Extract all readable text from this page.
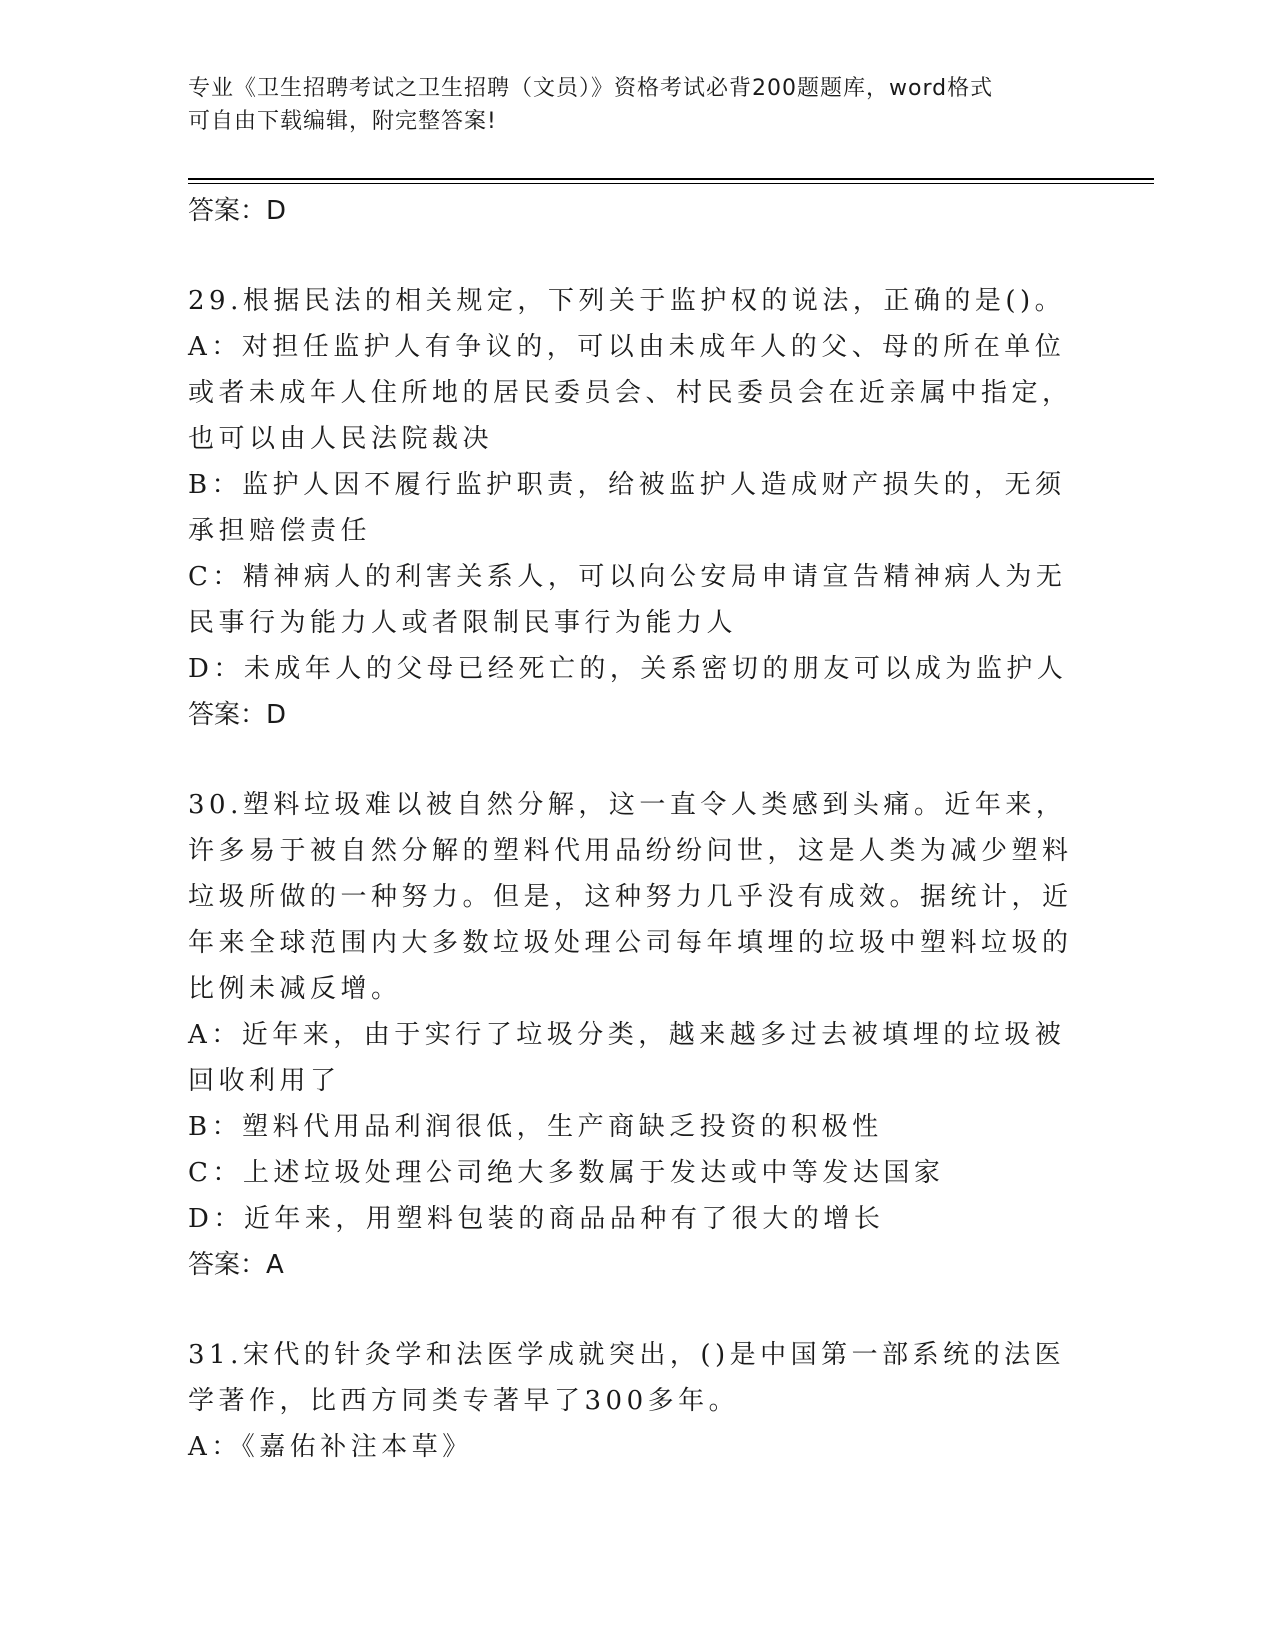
专业《卫生招聘考试之卫生招聘（文员）》资格考试必背200题题库，word格式
可自由下载编辑，附完整答案!
答案：D
29.根据民法的相关规定，下列关于监护权的说法，正确的是()。
A：对担任监护人有争议的，可以由未成年人的父、母的所在单位或者未成年人住所地的居民委员会、村民委员会在近亲属中指定，也可以由人民法院裁决
B：监护人因不履行监护职责，给被监护人造成财产损失的，无须承担赔偿责任
C：精神病人的利害关系人，可以向公安局申请宣告精神病人为无民事行为能力人或者限制民事行为能力人
D：未成年人的父母已经死亡的，关系密切的朋友可以成为监护人
答案：D
30.塑料垃圾难以被自然分解，这一直令人类感到头痛。近年来，许多易于被自然分解的塑料代用品纷纷问世，这是人类为减少塑料垃圾所做的一种努力。但是，这种努力几乎没有成效。据统计，近年来全球范围内大多数垃圾处理公司每年填埋的垃圾中塑料垃圾的比例未减反增。
A：近年来，由于实行了垃圾分类，越来越多过去被填埋的垃圾被回收利用了
B：塑料代用品利润很低，生产商缺乏投资的积极性
C：上述垃圾处理公司绝大多数属于发达或中等发达国家
D：近年来，用塑料包装的商品品种有了很大的增长
答案：A
31.宋代的针灸学和法医学成就突出，()是中国第一部系统的法医学著作，比西方同类专著早了300多年。
A：《嘉佑补注本草》
